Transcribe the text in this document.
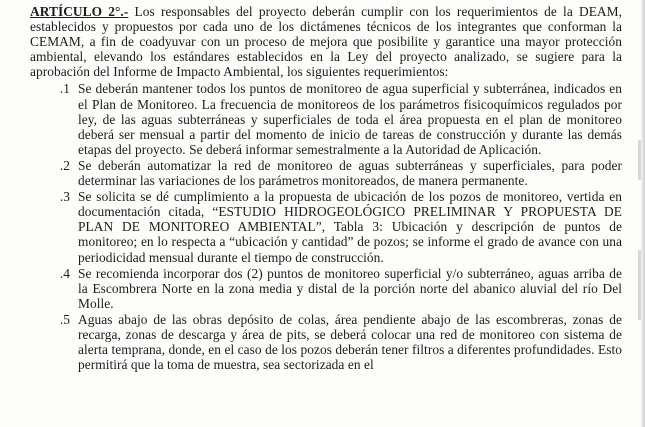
ARTÍCULO 2°.- Los responsables del proyecto deberán cumplir con los requerimientos de la DEAM, establecidos y propuestos por cada uno de los dictámenes técnicos de los integrantes que conforman la CEMAM, a fin de coadyuvar con un proceso de mejora que posibilite y garantice una mayor protección ambiental, elevando los estándares establecidos en la Ley del proyecto analizado, se sugiere para la aprobación del Informe de Impacto Ambiental, los siguientes requerimientos:

1. Se deberán mantener todos los puntos de monitoreo de agua superficial y subterránea, indicados en el Plan de Monitoreo. La frecuencia de monitoreos de los parámetros fisicoquímicos regulados por ley, de las aguas subterráneas y superficiales de toda el área propuesta en el plan de monitoreo deberá ser mensual a partir del momento de inicio de tareas de construcción y durante las demás etapas del proyecto. Se deberá informar semestralmente a la Autoridad de Aplicación.
2. Se deberán automatizar la red de monitoreo de aguas subterráneas y superficiales, para poder determinar las variaciones de los parámetros monitoreados, de manera permanente.
3. Se solicita se dé cumplimiento a la propuesta de ubicación de los pozos de monitoreo, vertida en documentación citada, “ESTUDIO HIDROGEOLÓGICO PRELIMINAR Y PROPUESTA DE PLAN DE MONITOREO AMBIENTAL”, Tabla 3: Ubicación y descripción de puntos de monitoreo; en lo respecta a “ubicación y cantidad” de pozos; se informe el grado de avance con una periodicidad mensual durante el tiempo de construcción.
4. Se recomienda incorporar dos (2) puntos de monitoreo superficial y/o subterráneo, aguas arriba de la Escombrera Norte en la zona media y distal de la porción norte del abanico aluvial del río Del Molle.
5. Aguas abajo de las obras depósito de colas, área pendiente abajo de las escombreras, zonas de recarga, zonas de descarga y área de pits, se deberá colocar una red de monitoreo con sistema de alerta temprana, donde, en el caso de los pozos deberán tener filtros a diferentes profundidades. Esto permitirá que la toma de muestra, sea sectorizada en el
